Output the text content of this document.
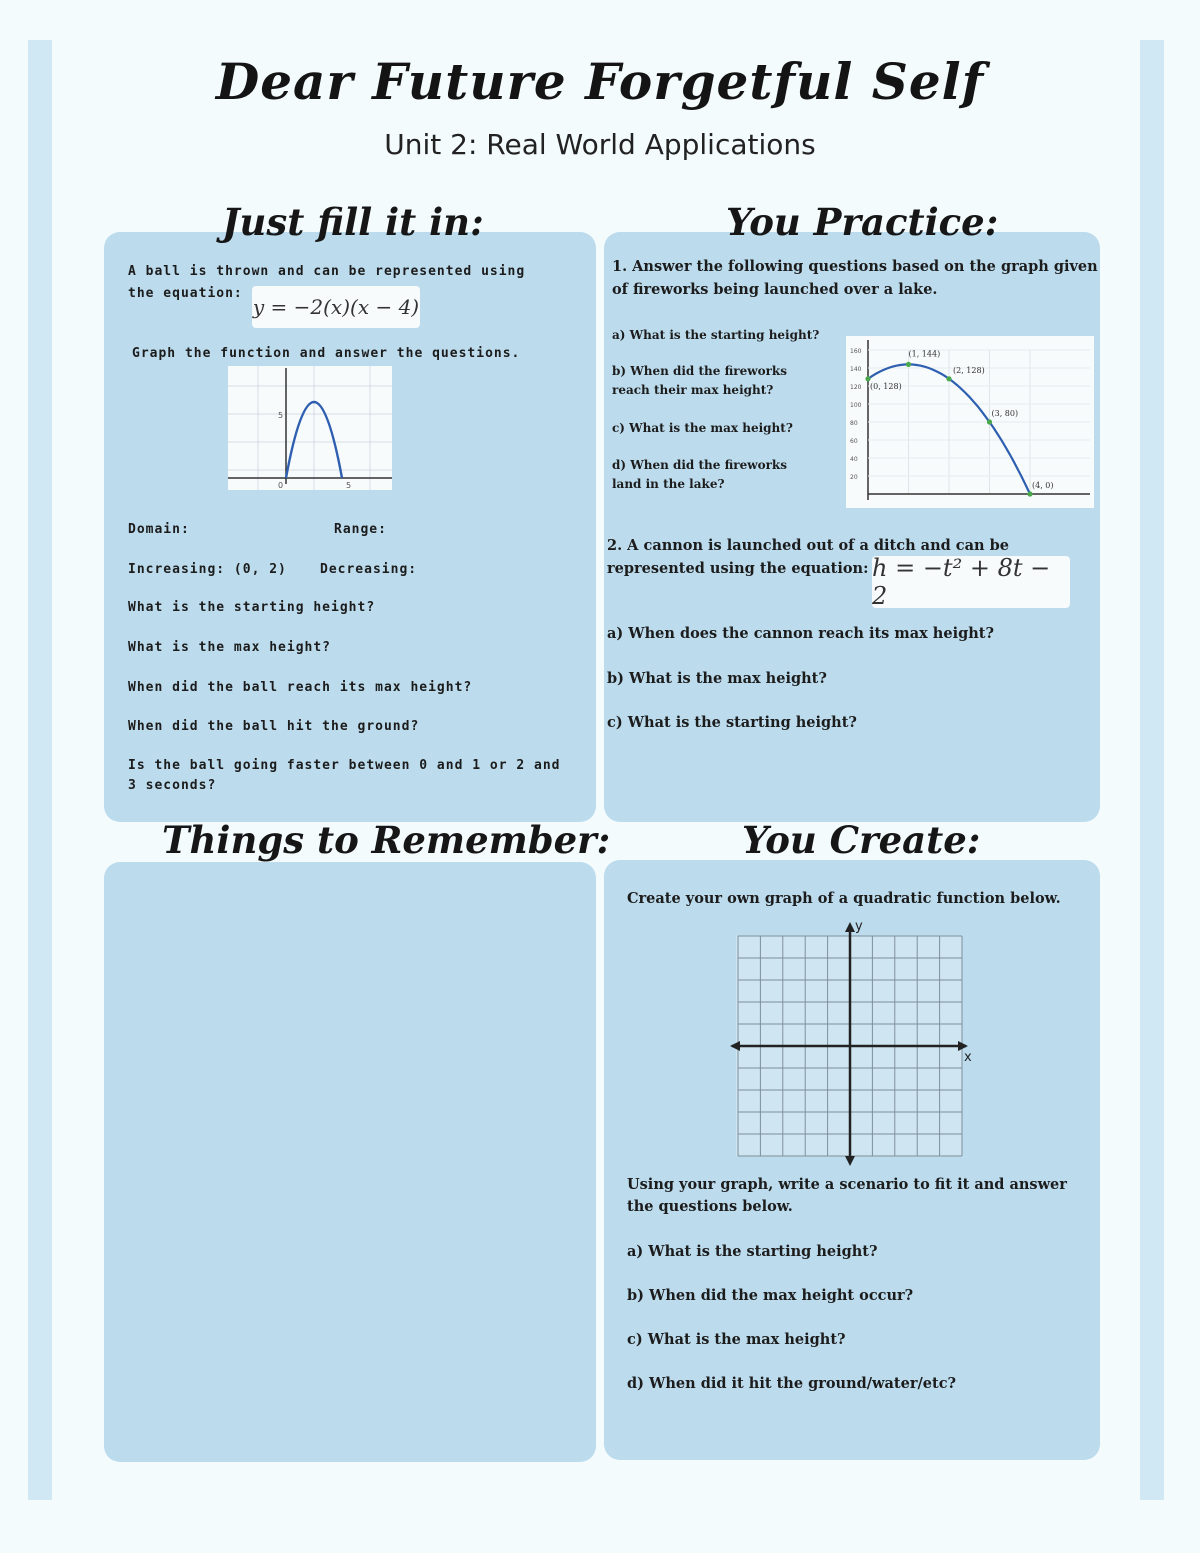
Dear Future Forgetful Self
Unit 2: Real World Applications
Just fill it in:
A ball is thrown and can be represented using
the equation:
y = −2(x)(x − 4)
Graph the function and answer the questions.
5
0	5
Domain:	Range:
Increasing: (0, 2)	Decreasing:
What is the starting height?
What is the max height?
When did the ball reach its max height?
When did the ball hit the ground?
Is the ball going faster between 0 and 1 or 2 and
3 seconds?
You Practice:
1. Answer the following questions based on the graph given
of fireworks being launched over a lake.
a) What is the starting height?
b) When did the fireworks
reach their max height?
c) What is the max height?
d) When did the fireworks
land in the lake?
160
140
120
100
80
60
40
20
(0, 128)
(1, 144)
(2, 128)
(3, 80)
(4, 0)
2. A cannon is launched out of a ditch and can be
represented using the equation: h = −t² + 8t − 2
a) When does the cannon reach its max height?
b) What is the max height?
c) What is the starting height?
Things to Remember:	You Create:
Create your own graph of a quadratic function below.
y
x
Using your graph, write a scenario to fit it and answer
the questions below.
a) What is the starting height?
b) When did the max height occur?
c) What is the max height?
d) When did it hit the ground/water/etc?
